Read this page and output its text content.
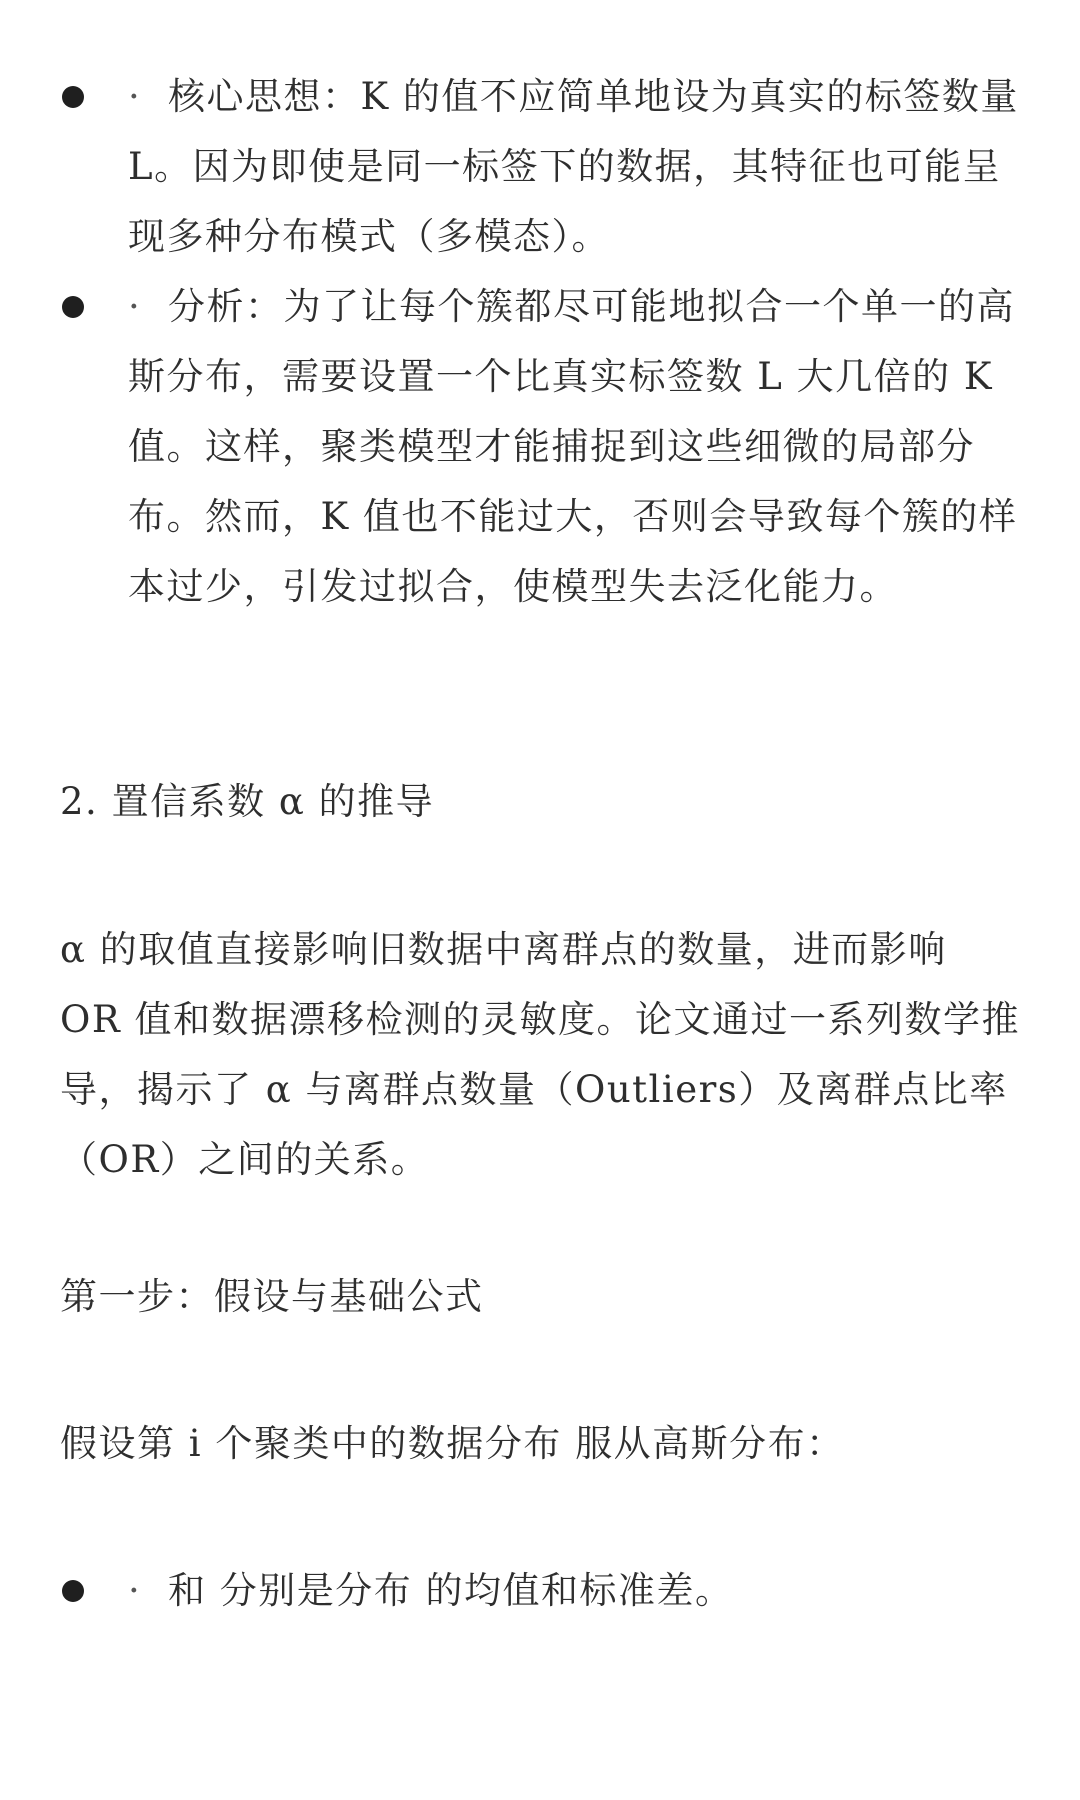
· 核心思想：K 的值不应简单地设为真实的标签数量 L。因为即使是同一标签下的数据，其特征也可能呈现多种分布模式（多模态）。
· 分析：为了让每个簇都尽可能地拟合一个单一的高斯分布，需要设置一个比真实标签数 L 大几倍的 K 值。这样，聚类模型才能捕捉到这些细微的局部分布。然而，K 值也不能过大，否则会导致每个簇的样本过少，引发过拟合，使模型失去泛化能力。
2. 置信系数 α 的推导
α 的取值直接影响旧数据中离群点的数量，进而影响 OR 值和数据漂移检测的灵敏度。论文通过一系列数学推导，揭示了 α 与离群点数量（Outliers）及离群点比率（OR）之间的关系。
第一步：假设与基础公式
假设第 i 个聚类中的数据分布 服从高斯分布：
· 和 分别是分布 的均值和标准差。
